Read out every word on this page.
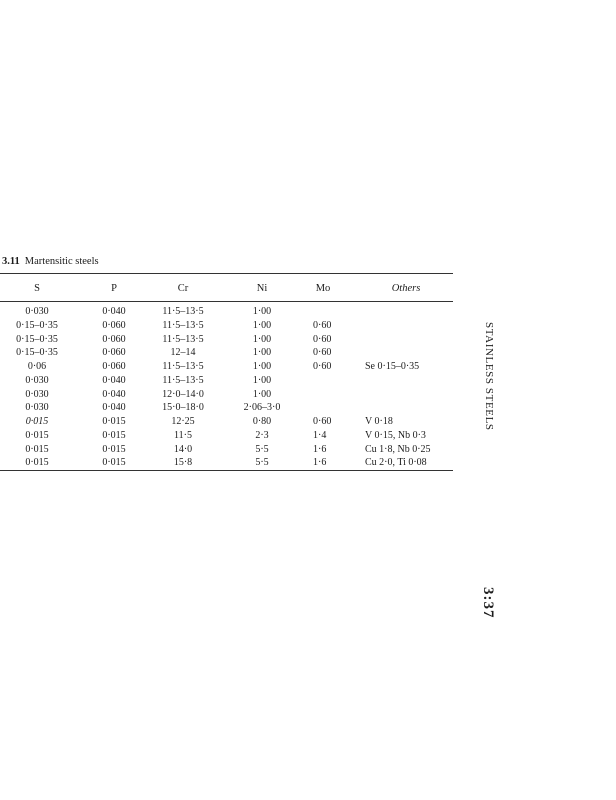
3.11 Martensitic steels
S	P	Cr	Ni	Mo	Others
0·030	0·040	11·5–13·5	1·00
0·15–0·35	0·060	11·5–13·5	1·00	0·60
0·15–0·35	0·060	11·5–13·5	1·00	0·60
0·15–0·35	0·060	12–14	1·00	0·60
0·06	0·060	11·5–13·5	1·00	0·60	Se 0·15–0·35
0·030	0·040	11·5–13·5	1·00
0·030	0·040	12·0–14·0	1·00
0·030	0·040	15·0–18·0	2·06–3·0
0·015	0·015	12·25	0·80	0·60	V 0·18
0·015	0·015	11·5	2·3	1·4	V 0·15, Nb 0·3
0·015	0·015	14·0	5·5	1·6	Cu 1·8, Nb 0·25
0·015	0·015	15·8	5·5	1·6	Cu 2·0, Ti 0·08
STAINLESS STEELS
3:37
